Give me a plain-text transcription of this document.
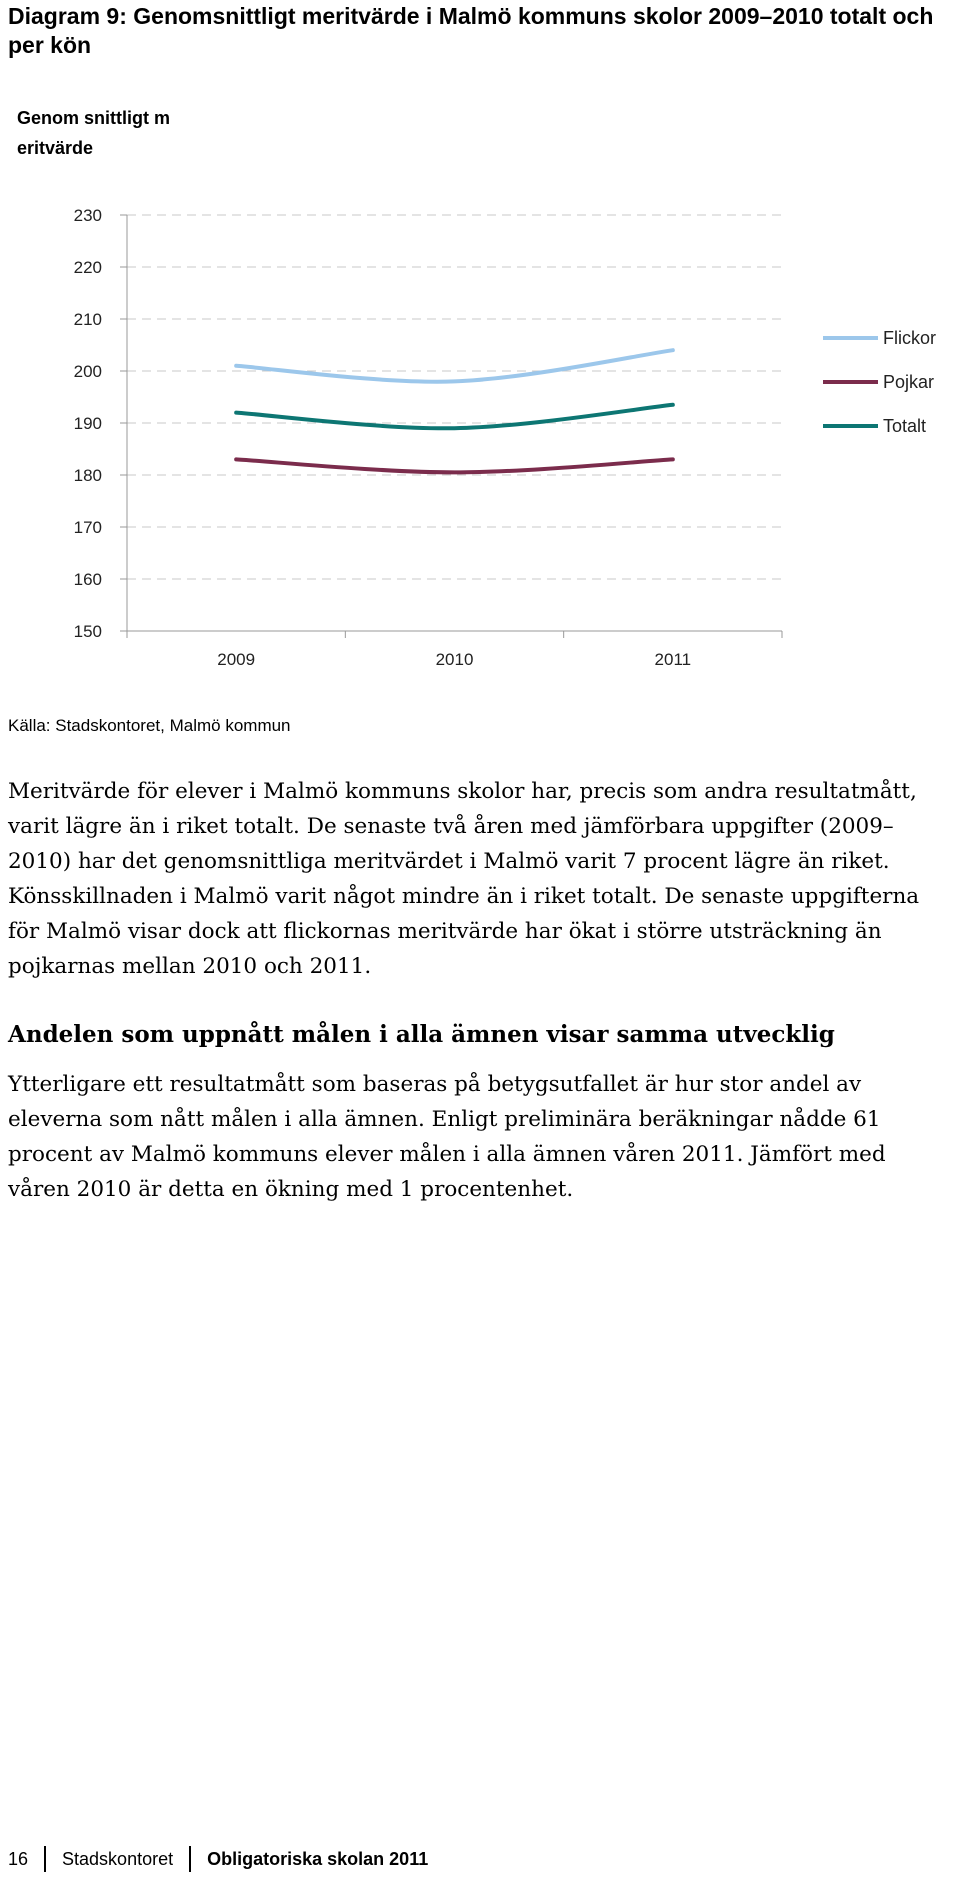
Diagram 9: Genomsnittligt meritvärde i Malmö kommuns skolor 2009–2010 totalt och per kön
Genom snittligt m eritvärde
150
160
170
180
190
200
210
220
230
2009	2010	2011
Flickor
Pojkar
Totalt
Källa: Stadskontoret, Malmö kommun

Meritvärde för elever i Malmö kommuns skolor har, precis som andra resultatmått, varit lägre än i riket totalt. De senaste två åren med jämförbara uppgifter (2009– 2010) har det genomsnittliga meritvärdet i Malmö varit 7 procent lägre än riket. Könsskillnaden i Malmö varit något mindre än i riket totalt. De senaste uppgifterna för Malmö visar dock att flickornas meritvärde har ökat i större utsträckning än pojkarnas mellan 2010 och 2011.

Andelen som uppnått målen i alla ämnen visar samma utvecklig

Ytterligare ett resultatmått som baseras på betygsutfallet är hur stor andel av eleverna som nått målen i alla ämnen. Enligt preliminära beräkningar nådde 61 procent av Malmö kommuns elever målen i alla ämnen våren 2011. Jämfört med våren 2010 är detta en ökning med 1 procentenhet.

16 Stadskontoret Obligatoriska skolan 2011
